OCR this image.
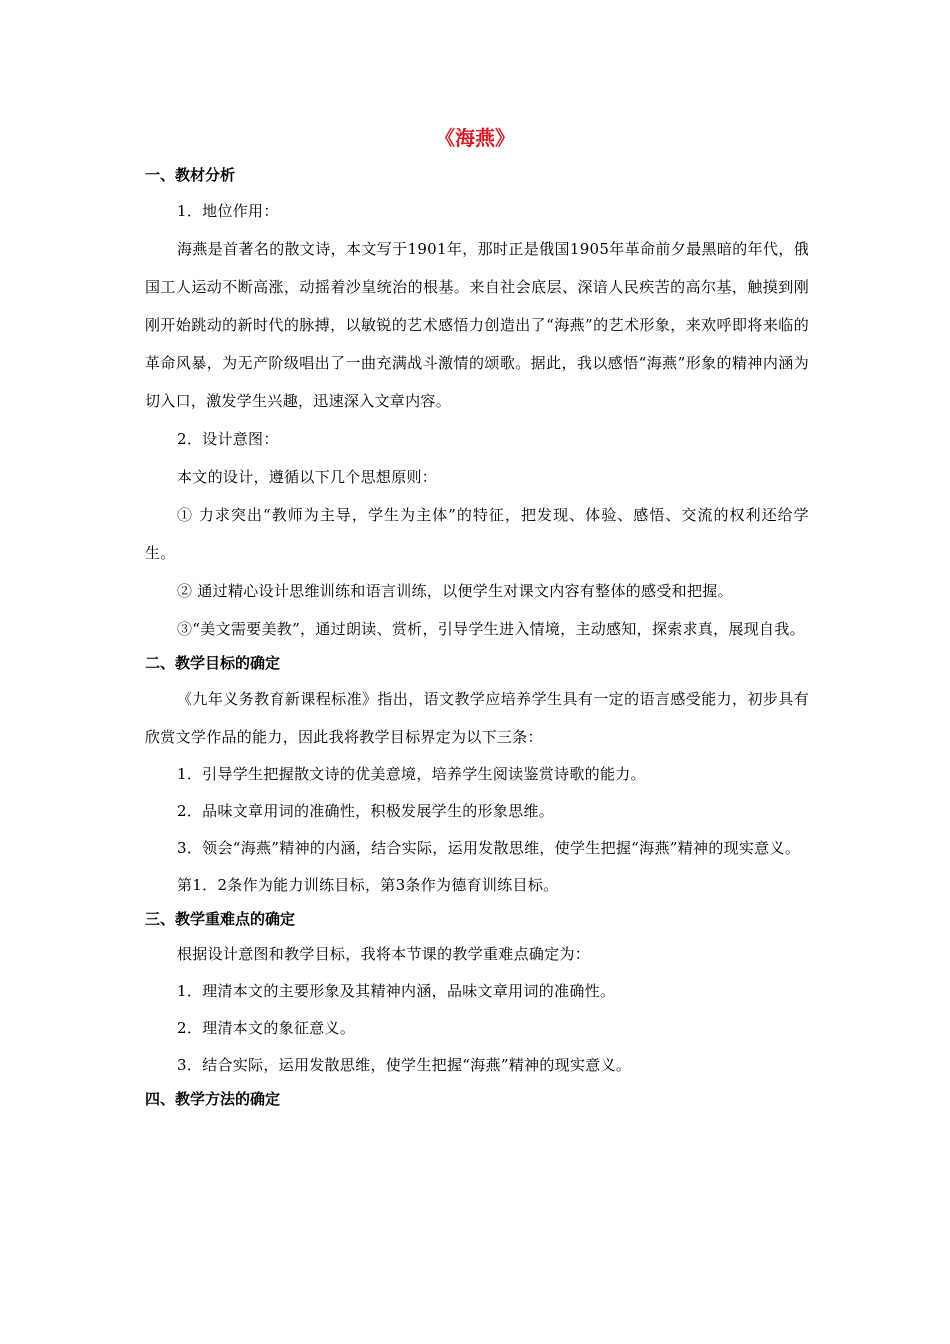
《海燕》
一、教材分析
1．地位作用：
海燕是首著名的散文诗，本文写于1901年，那时正是俄国1905年革命前夕最黑暗的年代，俄国工人运动不断高涨，动摇着沙皇统治的根基。来自社会底层、深谙人民疾苦的高尔基，触摸到刚刚开始跳动的新时代的脉搏，以敏锐的艺术感悟力创造出了“海燕”的艺术形象，来欢呼即将来临的革命风暴，为无产阶级唱出了一曲充满战斗激情的颂歌。据此，我以感悟“海燕”形象的精神内涵为切入口，激发学生兴趣，迅速深入文章内容。
2．设计意图：
本文的设计，遵循以下几个思想原则：
① 力求突出“教师为主导，学生为主体”的特征，把发现、体验、感悟、交流的权利还给学生。
② 通过精心设计思维训练和语言训练，以便学生对课文内容有整体的感受和把握。
③“美文需要美教”，通过朗读、赏析，引导学生进入情境，主动感知，探索求真，展现自我。
二、教学目标的确定
《九年义务教育新课程标准》指出，语文教学应培养学生具有一定的语言感受能力，初步具有欣赏文学作品的能力，因此我将教学目标界定为以下三条：
1．引导学生把握散文诗的优美意境，培养学生阅读鉴赏诗歌的能力。
2．品味文章用词的准确性，积极发展学生的形象思维。
3．领会“海燕”精神的内涵，结合实际，运用发散思维，使学生把握“海燕”精神的现实意义。
第1．2条作为能力训练目标，第3条作为德育训练目标。
三、教学重难点的确定
根据设计意图和教学目标，我将本节课的教学重难点确定为：
1．理清本文的主要形象及其精神内涵，品味文章用词的准确性。
2．理清本文的象征意义。
3．结合实际，运用发散思维，使学生把握“海燕”精神的现实意义。
四、教学方法的确定
